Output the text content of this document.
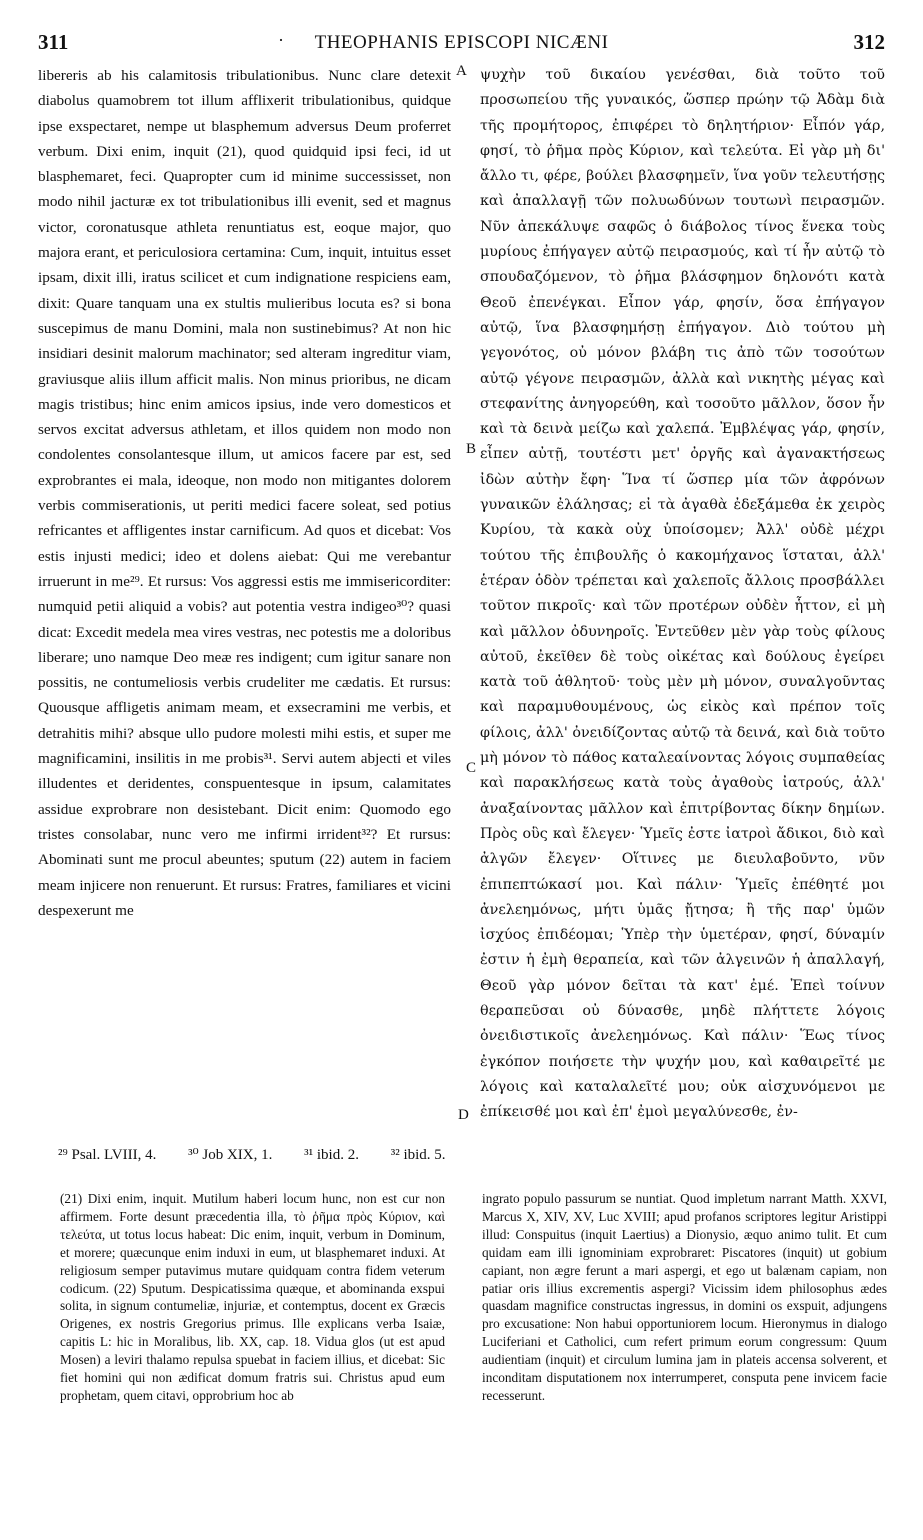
311	·	THEOPHANIS EPISCOPI NICÆNI	312

libereris ab his calamitosis tribulationibus. Nunc clare detexit diabolus quamobrem tot illum afflixerit tribulationibus, quidque ipse exspectaret, nempe ut blasphemum adversus Deum proferret verbum. Dixi enim, inquit (21), quod quidquid ipsi feci, id ut blasphemaret, feci. Quapropter cum id minime successisset, non modo nihil jacturæ ex tot tribulationibus illi evenit, sed et magnus victor, coronatusque athleta renuntiatus est, eoque major, quo majora erant, et periculosiora certamina: Cum, inquit, intuitus esset ipsam, dixit illi, iratus scilicet et cum indignatione respiciens eam, dixit: Quare tanquam una ex stultis mulieribus locuta es? si bona suscepimus de manu Domini, mala non sustinebimus? At non hic insidiari desinit malorum machinator; sed alteram ingreditur viam, graviusque aliis illum afficit malis. Non minus prioribus, ne dicam magis tristibus; hinc enim amicos ipsius, inde vero domesticos et servos excitat adversus athletam, et illos quidem non modo non condolentes consolantesque illum, ut amicos facere par est, sed exprobrantes ei mala, ideoque, non modo non mitigantes dolorem verbis commiserationis, ut periti medici facere soleat, sed potius refricantes et affligentes instar carnificum. Ad quos et dicebat: Vos estis injusti medici; ideo et dolens aiebat: Qui me verebantur irruerunt in me²⁹. Et rursus: Vos aggressi estis me immisericorditer: numquid petii aliquid a vobis? aut potentia vestra indigeo³⁰? quasi dicat: Excedit medela mea vires vestras, nec potestis me a doloribus liberare; uno namque Deo meæ res indigent; cum igitur sanare non possitis, ne contumeliosis verbis crudeliter me cædatis. Et rursus: Quousque affligetis animam meam, et exsecramini me verbis, et detrahitis mihi? absque ullo pudore molesti mihi estis, et super me magnificamini, insilitis in me probis³¹. Servi autem abjecti et viles illudentes et deridentes, conspuentesque in ipsum, calamitates assidue exprobrare non desistebant. Dicit enim: Quomodo ego tristes consolabar, nunc vero me infirmi irrident³²? Et rursus: Abominati sunt me procul abeuntes; sputum (22) autem in faciem meam injicere non renuerunt. Et rursus: Fratres, familiares et vicini despexerunt me

A
B
C
D

ψυχὴν τοῦ δικαίου γενέσθαι, διὰ τοῦτο τοῦ προσωπείου τῆς γυναικός, ὥσπερ πρώην τῷ Ἀδὰμ διὰ τῆς προμήτορος, ἐπιφέρει τὸ δηλητήριον· Εἶπόν γάρ, φησί, τὸ ῥῆμα πρὸς Κύριον, καὶ τελεύτα. Εἰ γὰρ μὴ δι' ἄλλο τι, φέρε, βούλει βλασφημεῖν, ἵνα γοῦν τελευτήσῃς καὶ ἀπαλλαγῇ τῶν πολυωδύνων τουτωνὶ πειρασμῶν. Νῦν ἀπεκάλυψε σαφῶς ὁ διάβολος τίνος ἕνεκα τοὺς μυρίους ἐπήγαγεν αὐτῷ πειρασμούς, καὶ τί ἦν αὐτῷ τὸ σπουδαζόμενον, τὸ ῥῆμα βλάσφημον δηλονότι κατὰ Θεοῦ ἐπενέγκαι. Εἶπον γάρ, φησίν, ὅσα ἐπήγαγον αὐτῷ, ἵνα βλασφημήσῃ ἐπήγαγον. Διὸ τούτου μὴ γεγονότος, οὐ μόνον βλάβη τις ἀπὸ τῶν τοσούτων αὐτῷ γέγονε πειρασμῶν, ἀλλὰ καὶ νικητὴς μέγας καὶ στεφανίτης ἀνηγορεύθη, καὶ τοσοῦτο μᾶλλον, ὅσον ἦν καὶ τὰ δεινὰ μείζω καὶ χαλεπά. Ἐμβλέψας γάρ, φησίν, εἶπεν αὐτῇ, τουτέστι μετ' ὀργῆς καὶ ἀγανακτήσεως ἰδὼν αὐτὴν ἔφη· Ἵνα τί ὥσπερ μία τῶν ἀφρόνων γυναικῶν ἐλάλησας; εἰ τὰ ἀγαθὰ ἐδεξάμεθα ἐκ χειρὸς Κυρίου, τὰ κακὰ οὐχ ὑποίσομεν; Ἀλλ' οὐδὲ μέχρι τούτου τῆς ἐπιβουλῆς ὁ κακομήχανος ἵσταται, ἀλλ' ἑτέραν ὁδὸν τρέπεται καὶ χαλεποῖς ἄλλοις προσβάλλει τοῦτον πικροῖς· καὶ τῶν προτέρων οὐδὲν ἧττον, εἰ μὴ καὶ μᾶλλον ὀδυνηροῖς. Ἐντεῦθεν μὲν γὰρ τοὺς φίλους αὐτοῦ, ἐκεῖθεν δὲ τοὺς οἰκέτας καὶ δούλους ἐγείρει κατὰ τοῦ ἀθλητοῦ· τοὺς μὲν μὴ μόνον, συναλγοῦντας καὶ παραμυθουμένους, ὡς εἰκὸς καὶ πρέπον τοῖς φίλοις, ἀλλ' ὀνειδίζοντας αὐτῷ τὰ δεινά, καὶ διὰ τοῦτο μὴ μόνον τὸ πάθος καταλεαίνοντας λόγοις συμπαθείας καὶ παρακλήσεως κατὰ τοὺς ἀγαθοὺς ἰατρούς, ἀλλ' ἀναξαίνοντας μᾶλλον καὶ ἐπιτρίβοντας δίκην δημίων. Πρὸς οὓς καὶ ἔλεγεν· Ὑμεῖς ἐστε ἰατροὶ ἄδικοι, διὸ καὶ ἀλγῶν ἔλεγεν· Οἵτινες με διευλαβοῦντο, νῦν ἐπιπεπτώκασί μοι. Καὶ πάλιν· Ὑμεῖς ἐπέθητέ μοι ἀνελεημόνως, μήτι ὑμᾶς ᾔτησα; ἢ τῆς παρ' ὑμῶν ἰσχύος ἐπιδέομαι; Ὑπὲρ τὴν ὑμετέραν, φησί, δύναμίν ἐστιν ἡ ἐμὴ θεραπεία, καὶ τῶν ἀλγεινῶν ἡ ἀπαλλαγή, Θεοῦ γὰρ μόνον δεῖται τὰ κατ' ἐμέ. Ἐπεὶ τοίνυν θεραπεῦσαι οὐ δύνασθε, μηδὲ πλήττετε λόγοις ὀνειδιστικοῖς ἀνελεημόνως. Καὶ πάλιν· Ἕως τίνος ἐγκόπον ποιήσετε τὴν ψυχήν μου, καὶ καθαιρεῖτέ με λόγοις καὶ καταλαλεῖτέ μου; οὐκ αἰσχυνόμενοι με ἐπίκεισθέ μοι καὶ ἐπ' ἐμοὶ μεγαλύνεσθε, ἐν-

²⁹ Psal. LVIII, 4. ³⁰ Job XIX, 1. ³¹ ibid. 2. ³² ibid. 5.

(21) Dixi enim, inquit. Mutilum haberi locum hunc, non est cur non affirmem. Forte desunt præcedentia illa, τὸ ῥῆμα πρὸς Κύριον, καὶ τελεύτα, ut totus locus habeat: Dic enim, inquit, verbum in Dominum, et morere; quæcunque enim induxi in eum, ut blasphemaret induxi. At religiosum semper putavimus mutare quidquam contra fidem veterum codicum. (22) Sputum. Despicatissima quæque, et abominanda exspui solita, in signum contumeliæ, injuriæ, et contemptus, docent ex Græcis Origenes, ex nostris Gregorius primus. Ille explicans verba Isaiæ, capitis L: hic in Moralibus, lib. XX, cap. 18. Vidua glos (ut est apud Mosen) a leviri thalamo repulsa spuebat in faciem illius, et dicebat: Sic fiet homini qui non ædificat domum fratris sui. Christus apud eum prophetam, quem citavi, opprobrium hoc ab

ingrato populo passurum se nuntiat. Quod impletum narrant Matth. XXVI, Marcus X, XIV, XV, Luc XVIII; apud profanos scriptores legitur Aristippi illud: Conspuitus (inquit Laertius) a Dionysio, æquo animo tulit. Et cum quidam eam illi ignominiam exprobraret: Piscatores (inquit) ut gobium capiant, non ægre ferunt a mari aspergi, et ego ut balænam capiam, non patiar oris illius excrementis aspergi? Vicissim idem philosophus ædes quasdam magnifice constructas ingressus, in domini os exspuit, adjungens pro excusatione: Non habui opportuniorem locum. Hieronymus in dialogo Luciferiani et Catholici, cum refert primum eorum congressum: Quum audientiam (inquit) et circulum lumina jam in plateis accensa solverent, et inconditam disputationem nox interrumperet, consputa pene invicem facie recesserunt.
